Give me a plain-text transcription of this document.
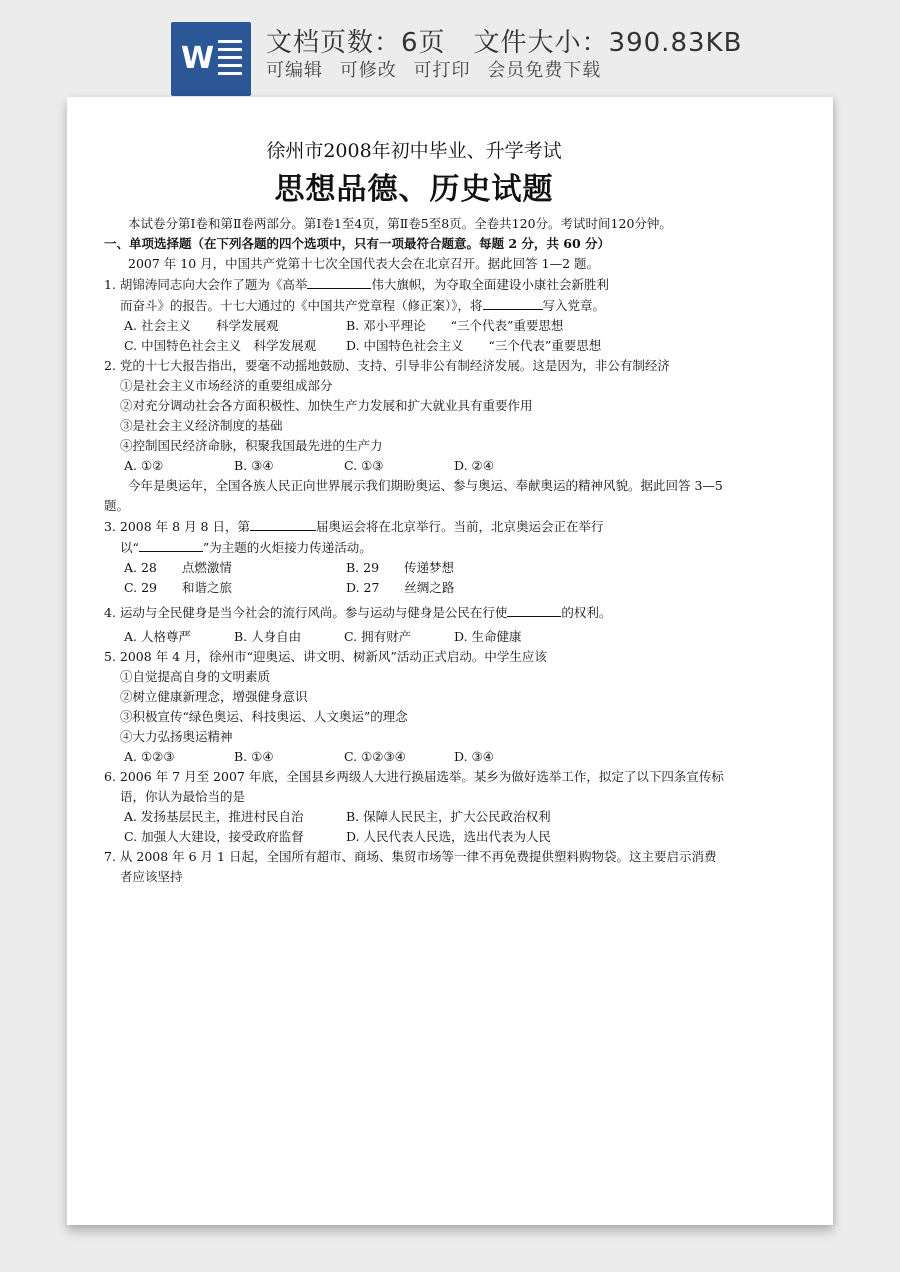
W 文档页数：6页 文件大小：390.83KB
可编辑 可修改 可打印 会员免费下载

徐州市2008年初中毕业、升学考试

思想品德、历史试题

本试卷分第Ⅰ卷和第Ⅱ卷两部分。第Ⅰ卷1至4页，第Ⅱ卷5至8页。全卷共120分。考试时间120分钟。

一、单项选择题（在下列各题的四个选项中，只有一项最符合题意。每题 2 分，共 60 分）

2007 年 10 月，中国共产党第十七次全国代表大会在北京召开。据此回答 1—2 题。

1. 胡锦涛同志向大会作了题为《高举	伟大旗帜，为夺取全面建设小康社会新胜利

而奋斗》的报告。十七大通过的《中国共产党章程（修正案）》，将	写入党章。

A. 社会主义　　科学发展观	B. 邓小平理论　　“三个代表”重要思想

C. 中国特色社会主义　科学发展观	D. 中国特色社会主义　　“三个代表”重要思想

2. 党的十七大报告指出，要毫不动摇地鼓励、支持、引导非公有制经济发展。这是因为，非公有制经济

①是社会主义市场经济的重要组成部分

②对充分调动社会各方面积极性、加快生产力发展和扩大就业具有重要作用

③是社会主义经济制度的基础

④控制国民经济命脉，积聚我国最先进的生产力

A. ①②	B. ③④	C. ①③	D. ②④

今年是奥运年，全国各族人民正向世界展示我们期盼奥运、参与奥运、奉献奥运的精神风貌。据此回答 3—5 题。

3. 2008 年 8 月 8 日，第	届奥运会将在北京举行。当前，北京奥运会正在举行

以“	”为主题的火炬接力传递活动。

A. 28　　点燃激情	B. 29　　传递梦想

C. 29　　和谐之旅	D. 27　　丝绸之路

4. 运动与全民健身是当今社会的流行风尚。参与运动与健身是公民在行使	的权利。

A. 人格尊严	B. 人身自由	C. 拥有财产	D. 生命健康

5. 2008 年 4 月，徐州市“迎奥运、讲文明、树新风”活动正式启动。中学生应该

①自觉提高自身的文明素质

②树立健康新理念，增强健身意识

③积极宣传“绿色奥运、科技奥运、人文奥运”的理念

④大力弘扬奥运精神

A. ①②③	B. ①④	C. ①②③④	D. ③④

6. 2006 年 7 月至 2007 年底，全国县乡两级人大进行换届选举。某乡为做好选举工作，拟定了以下四条宣传标语，你认为最恰当的是

A. 发扬基层民主，推进村民自治	B. 保障人民民主，扩大公民政治权利

C. 加强人大建设，接受政府监督	D. 人民代表人民选，选出代表为人民

7. 从 2008 年 6 月 1 日起，全国所有超市、商场、集贸市场等一律不再免费提供塑料购物袋。这主要启示消费者应该坚持
